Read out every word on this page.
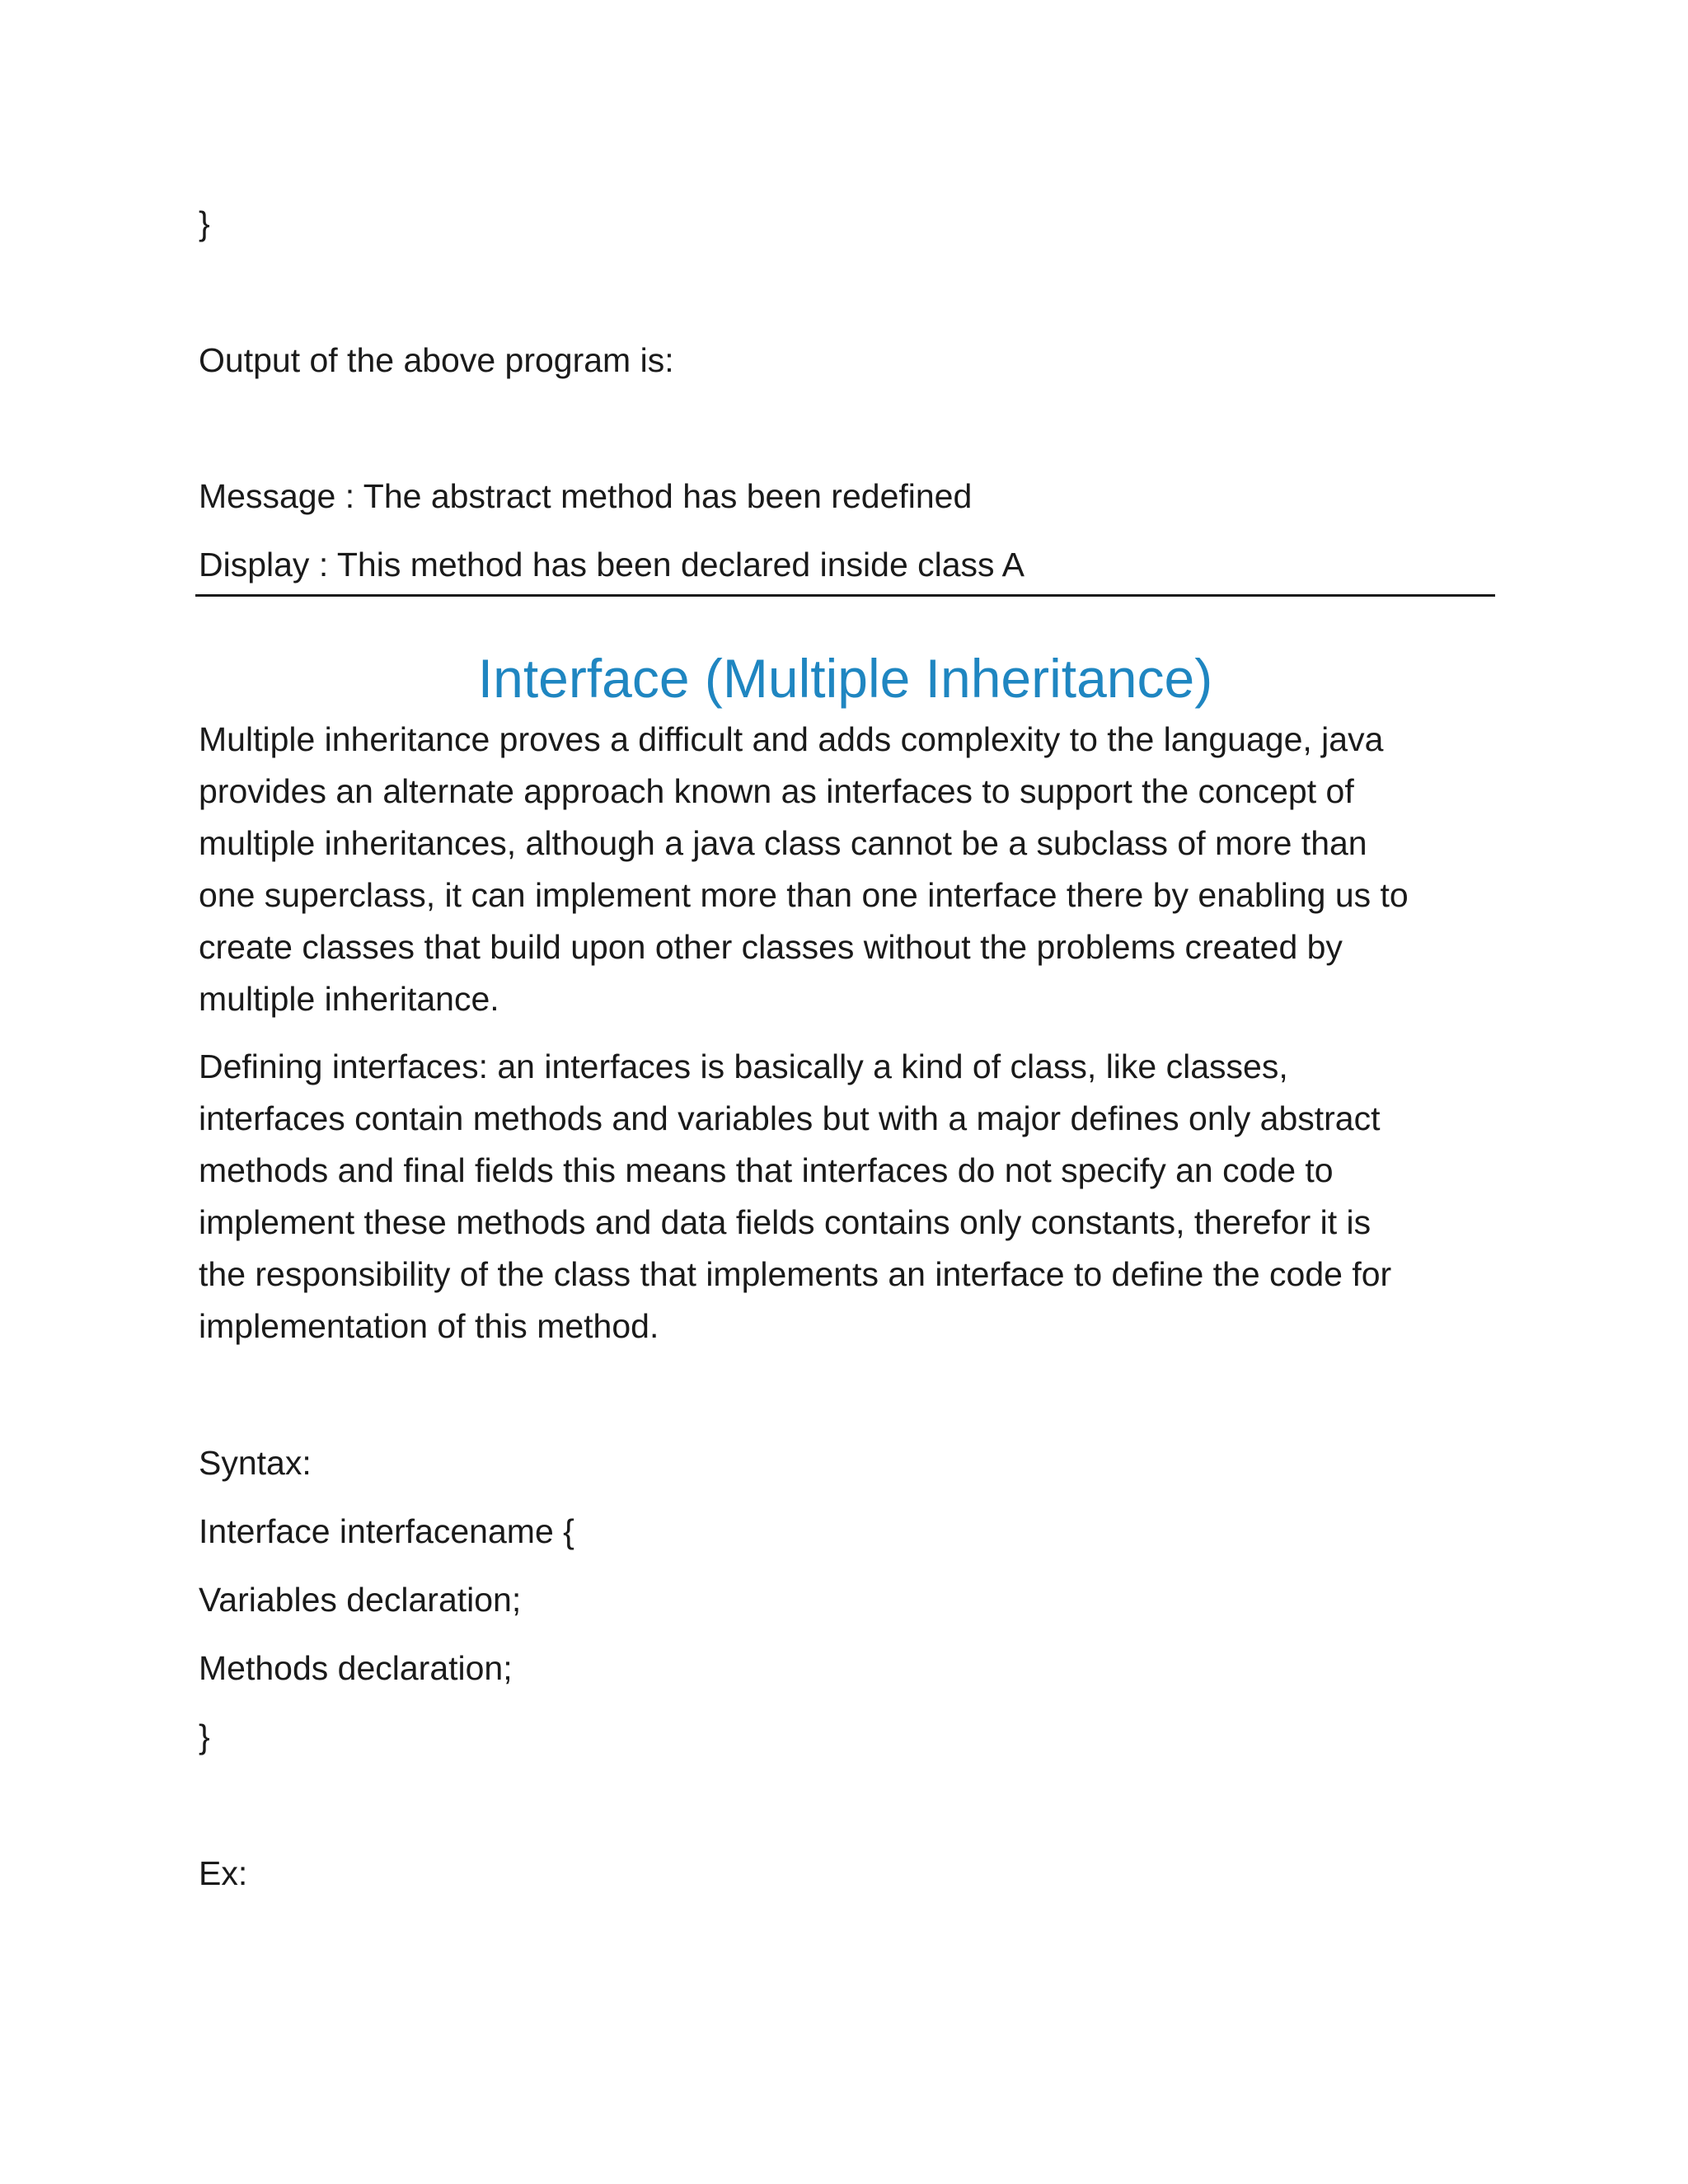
}

Output of the above program is:

Message : The abstract method has been redefined

Display : This method has been declared inside class A

Interface (Multiple Inheritance)
Multiple inheritance proves a difficult and adds complexity to the language, java
provides an alternate approach known as interfaces to support the concept of
multiple inheritances, although a java class cannot be a subclass of more than
one superclass, it can implement more than one interface there by enabling us to
create classes that build upon other classes without the problems created by
multiple inheritance.
Defining interfaces: an interfaces is basically a kind of class, like classes,
interfaces contain methods and variables but with a major defines only abstract
methods and final fields this means that interfaces do not specify an code to
implement these methods and data fields contains only constants, therefor it is
the responsibility of the class that implements an interface to define the code for
implementation of this method.

Syntax:

Interface interfacename {

Variables declaration;

Methods declaration;

}

Ex:
